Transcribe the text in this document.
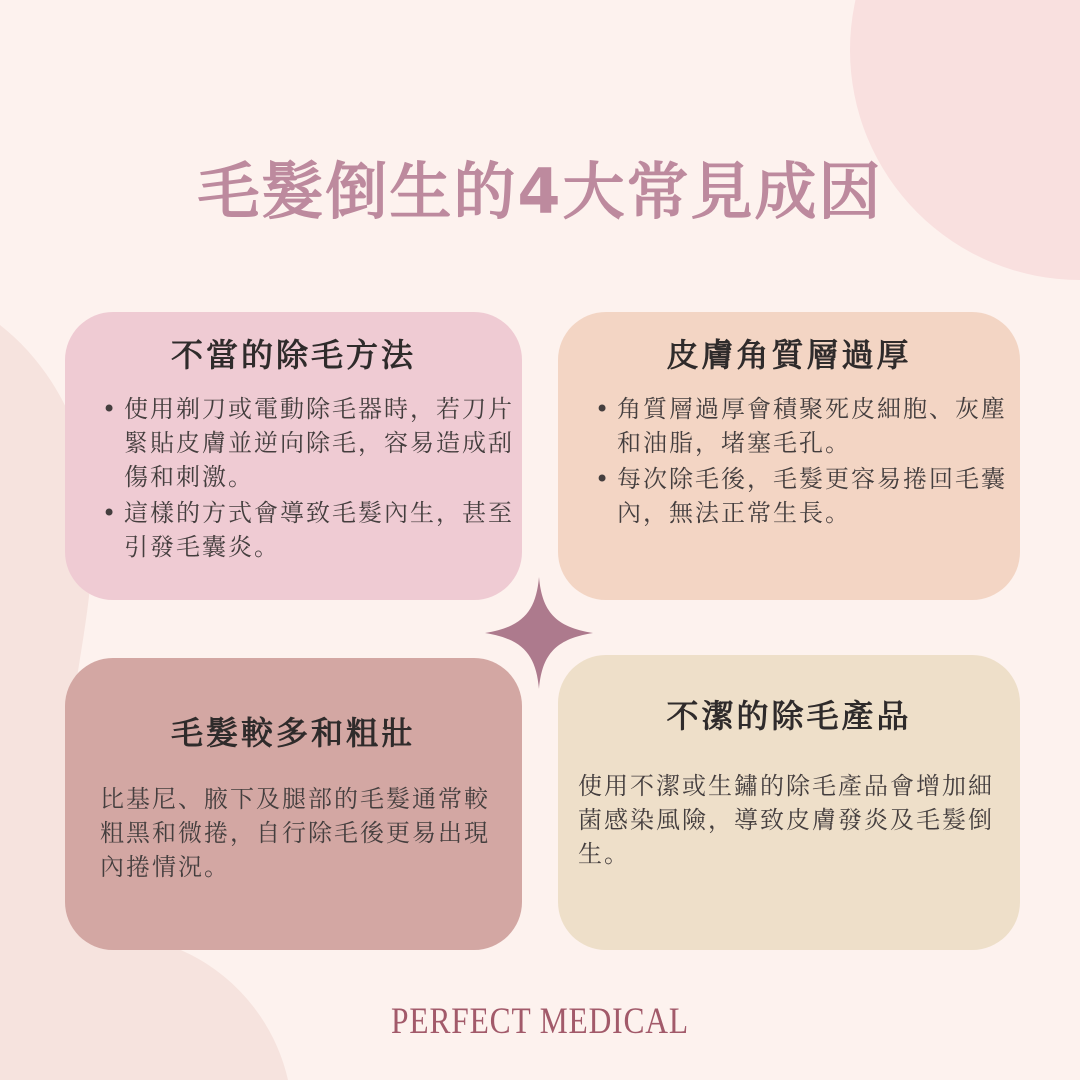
毛髮倒生的4大常見成因
不當的除毛方法
• 使用剃刀或電動除毛器時，若刀片緊貼皮膚並逆向除毛，容易造成刮傷和刺激。
• 這樣的方式會導致毛髮內生，甚至引發毛囊炎。
皮膚角質層過厚
• 角質層過厚會積聚死皮細胞、灰塵和油脂，堵塞毛孔。
• 每次除毛後，毛髮更容易捲回毛囊內，無法正常生長。
毛髮較多和粗壯

比基尼、腋下及腿部的毛髮通常較粗黑和微捲，自行除毛後更易出現內捲情況。

不潔的除毛產品

使用不潔或生鏽的除毛產品會增加細菌感染風險，導致皮膚發炎及毛髮倒生。

PERFECT MEDICAL
